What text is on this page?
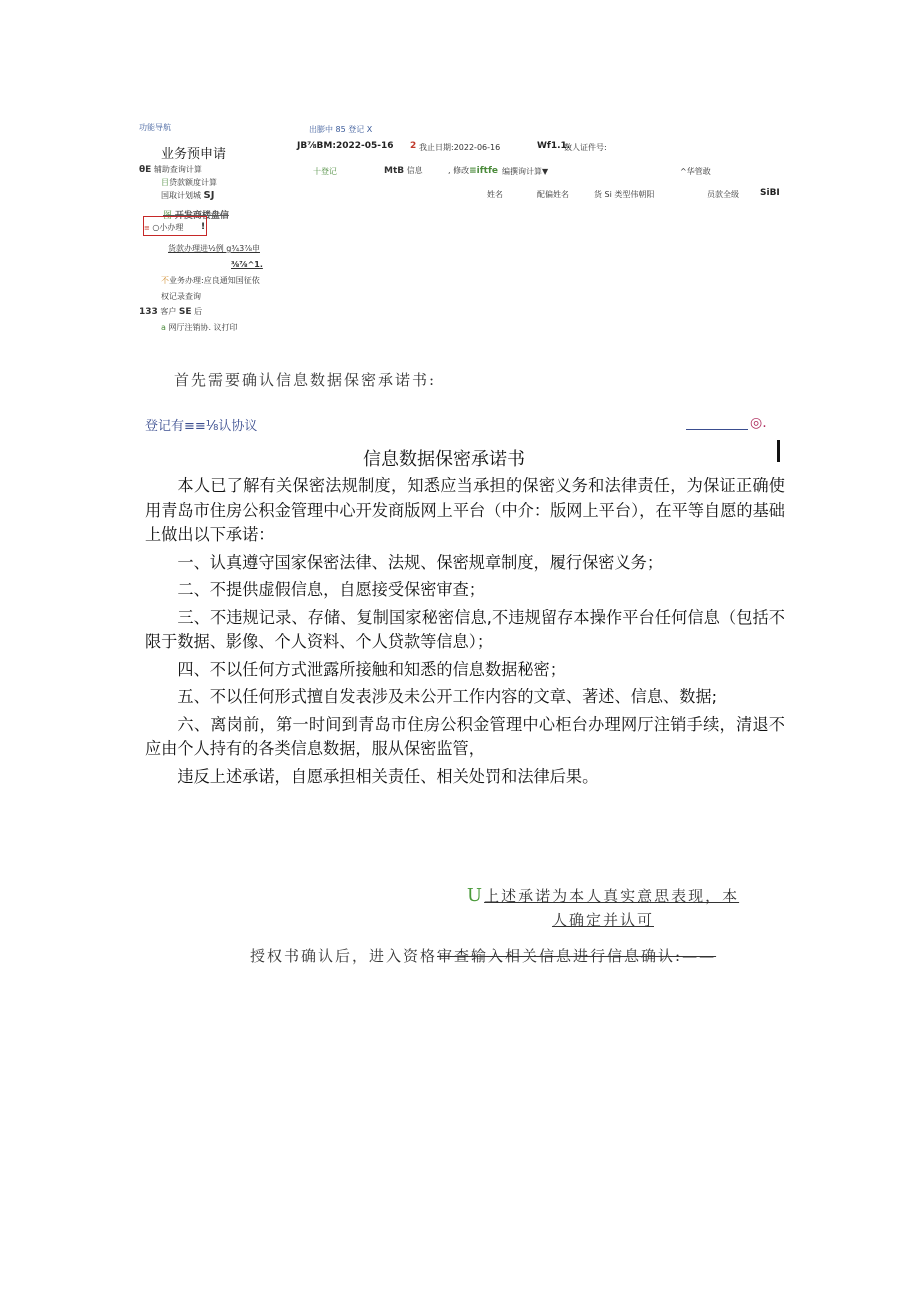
功能导航
业务预申请
θE 辅助查询计算
目贷款额度计算
国取计划城 SJ
图 开发商楼盘信
≡ ○小办理 !
货款办理进½例 g¾3⅞申
⅜⅞^1.
不业务办理:应良通知国征依
权记录查询
133 客户 SE 后
a 网厅注销协. 议打印
出膨中 85 登记 X
JB⅞BM:2022-05-16 2 我止日期:2022-06-16	Wf1.1.
数人证件号:
十登记	MtB 信息	, 修改≡iftfe 编撰询计算▼	^华管敢
姓名	配偏姓名	货 Si 类型伟朝阳	员款全级 SiBI
首先需要确认信息数据保密承诺书:
登记有≡≡⅛认协议	◎.
信息数据保密承诺书

本人已了解有关保密法规制度，知悉应当承担的保密义务和法律责任，为保证正确使用青岛市住房公积金管理中心开发商版网上平台（中介：版网上平台），在平等自愿的基础上做出以下承诺：

一、认真遵守国家保密法律、法规、保密规章制度，履行保密义务；

二、不提供虚假信息，自愿接受保密审查；

三、不违规记录、存储、复制国家秘密信息,不违规留存本操作平台任何信息（包括不限于数据、影像、个人资料、个人贷款等信息）；

四、不以任何方式泄露所接触和知悉的信息数据秘密；

五、不以任何形式擅自发表涉及未公开工作内容的文章、著述、信息、数据;

六、离岗前，第一时间到青岛市住房公积金管理中心柜台办理网厅注销手续，清退不应由个人持有的各类信息数据，服从保密监管，

违反上述承诺，自愿承担相关责任、相关处罚和法律后果。

U上述承诺为本人真实意思表现，本
人确定并认可
授权书确认后，进入资格审查输入相关信息进行信息确认:——
